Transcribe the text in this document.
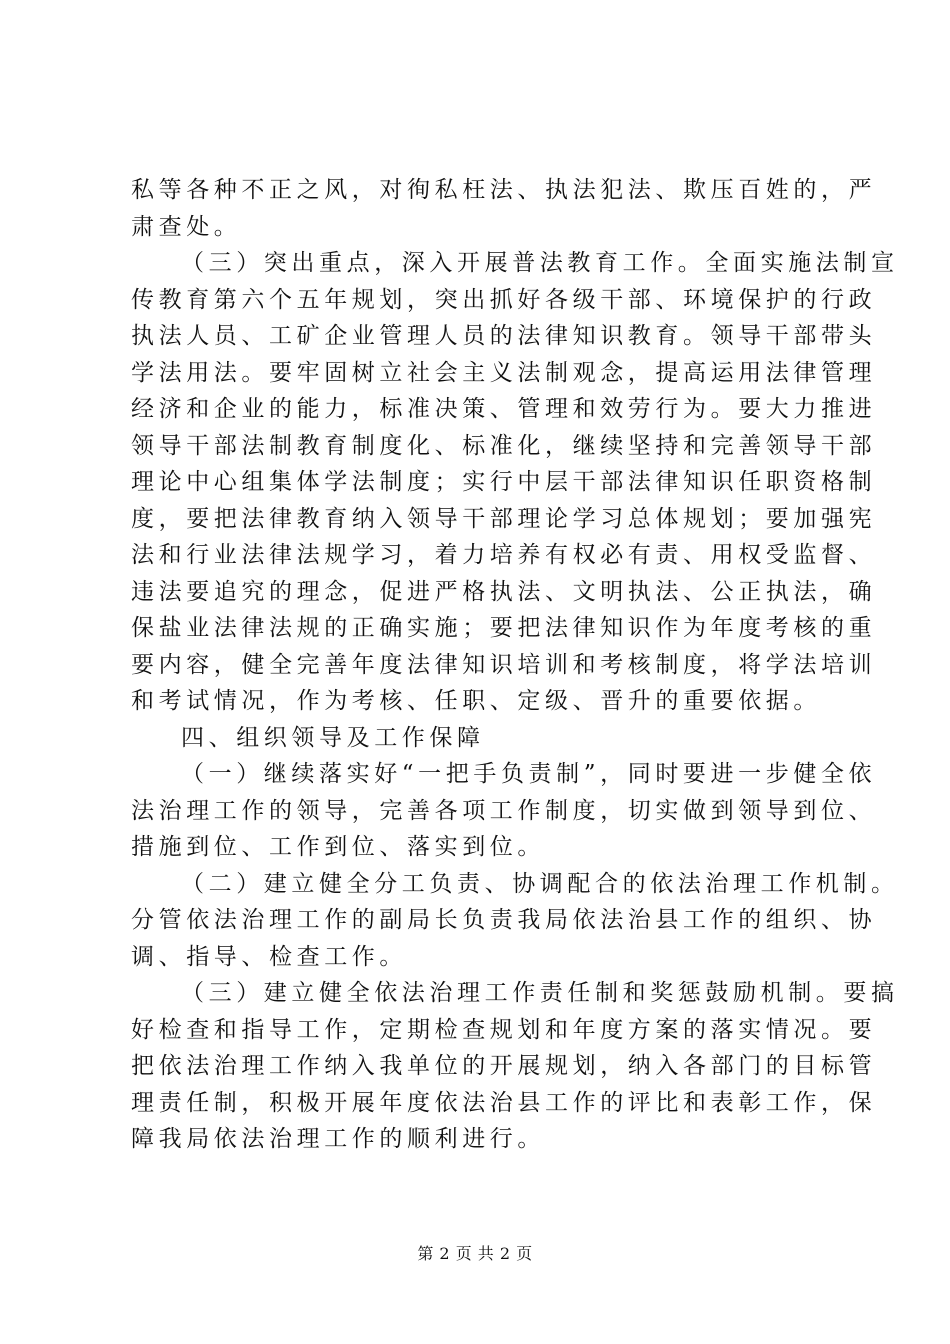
私等各种不正之风，对徇私枉法、执法犯法、欺压百姓的，严
肃查处。
（三）突出重点，深入开展普法教育工作。全面实施法制宣
传教育第六个五年规划，突出抓好各级干部、环境保护的行政
执法人员、工矿企业管理人员的法律知识教育。领导干部带头
学法用法。要牢固树立社会主义法制观念，提高运用法律管理
经济和企业的能力，标准决策、管理和效劳行为。要大力推进
领导干部法制教育制度化、标准化，继续坚持和完善领导干部
理论中心组集体学法制度；实行中层干部法律知识任职资格制
度，要把法律教育纳入领导干部理论学习总体规划；要加强宪
法和行业法律法规学习，着力培养有权必有责、用权受监督、
违法要追究的理念，促进严格执法、文明执法、公正执法，确
保盐业法律法规的正确实施；要把法律知识作为年度考核的重
要内容，健全完善年度法律知识培训和考核制度，将学法培训
和考试情况，作为考核、任职、定级、晋升的重要依据。
四、组织领导及工作保障
（一）继续落实好“一把手负责制”，同时要进一步健全依
法治理工作的领导，完善各项工作制度，切实做到领导到位、
措施到位、工作到位、落实到位。
（二）建立健全分工负责、协调配合的依法治理工作机制。
分管依法治理工作的副局长负责我局依法治县工作的组织、协
调、指导、检查工作。
（三）建立健全依法治理工作责任制和奖惩鼓励机制。要搞
好检查和指导工作，定期检查规划和年度方案的落实情况。要
把依法治理工作纳入我单位的开展规划，纳入各部门的目标管
理责任制，积极开展年度依法治县工作的评比和表彰工作，保
障我局依法治理工作的顺利进行。
第 2 页 共 2 页
